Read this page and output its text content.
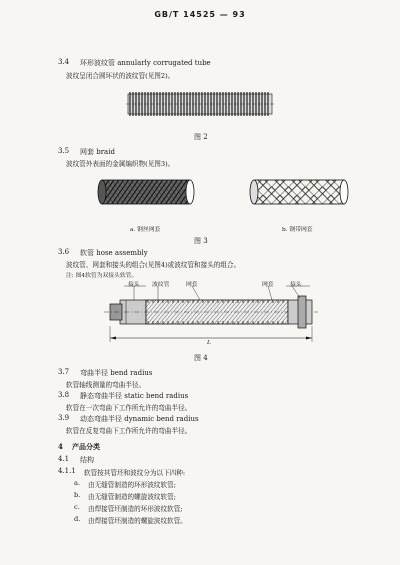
GB/T 14525 — 93
3.4 环形波纹管 annularly corrugated tube
波纹呈闭合圆环状的波纹管(见图2)。
图 2
3.5 网套 braid
波纹管外表面的金属编织物(见图3)。
a. 钢丝网套	b. 钢带网套
图 3
3.6 软管 hose assembly
波纹管、网套和接头的组合(见图4)或波纹管和接头的组合。
注: 图4软管为双接头软管。
接头 波纹管	网套	网套	接头
L
图 4
3.7 弯曲半径 bend radius
软管轴线测量的弯曲半径。
3.8 静态弯曲半径 static bend radius
软管在一次弯曲下工作所允许的弯曲半径。
3.9 动态弯曲半径 dynamic bend radius
软管在反复弯曲下工作所允许的弯曲半径。
4 产品分类
4.1 结构
4.1.1 软管按其管坯和波纹分为以下四种:
a. 由无缝管制造的环形波纹软管;
b. 由无缝管制造的螺旋波纹软管;
c. 由焊接管坯制造的环形波纹软管;
d. 由焊接管坯制造的螺旋波纹软管。
